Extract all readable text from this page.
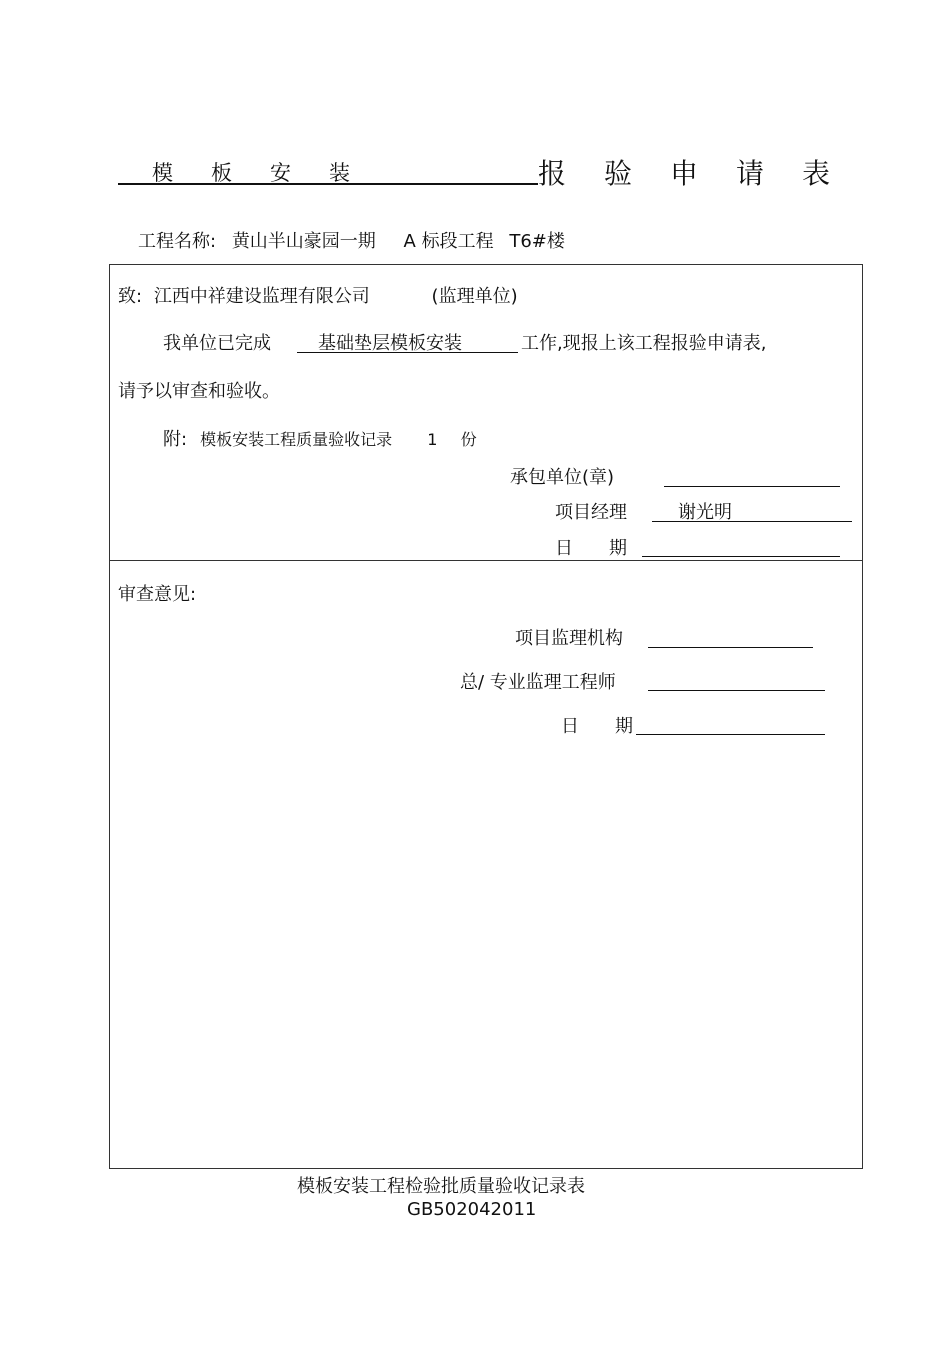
模板安装	报验申请表
工程名称: 黄山半山豪园一期 A 标段工程 T6#楼
致: 江西中祥建设监理有限公司	(监理单位)
我单位已完成	基础垫层模板安装	工作,现报上该工程报验申请表,
请予以审查和验收。
附: 模板安装工程质量验收记录 1 份
承包单位(章)
项目经理	谢光明
日　　期
审查意见:
项目监理机构
总/ 专业监理工程师
日　　期
模板安装工程检验批质量验收记录表
GB502042011
